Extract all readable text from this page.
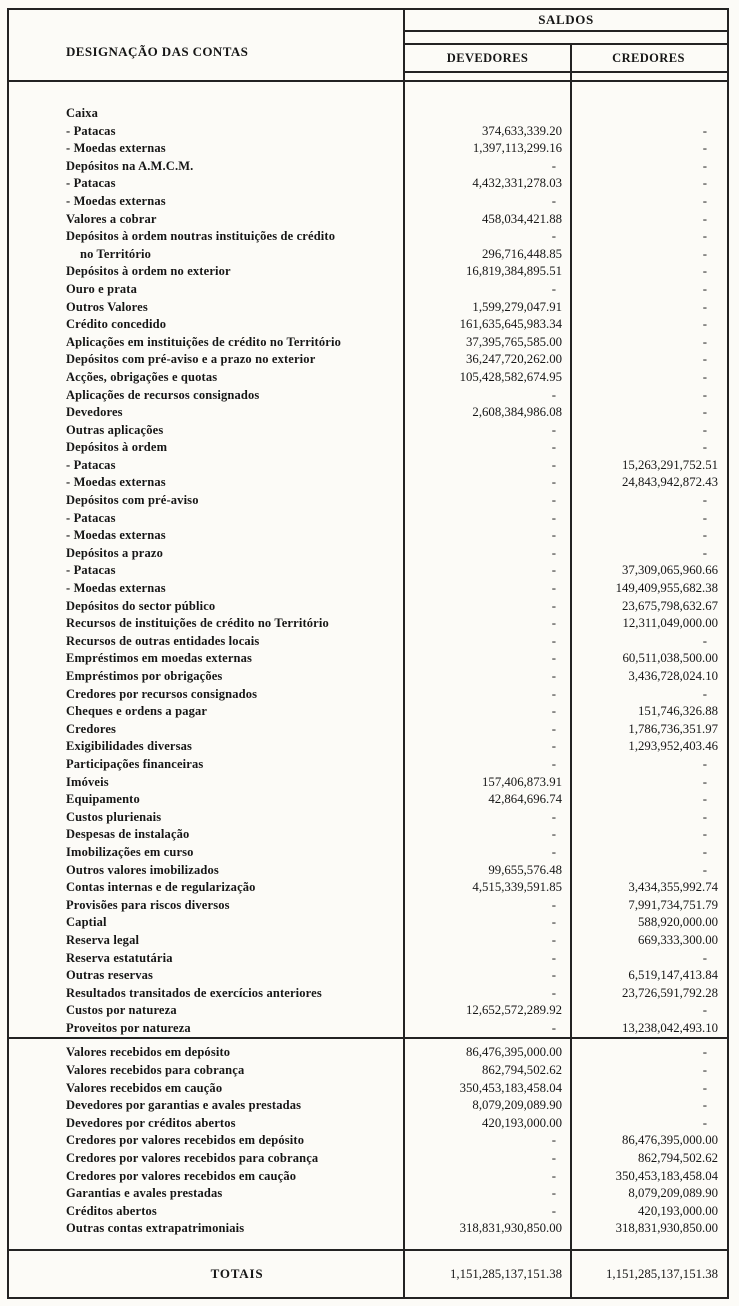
DESIGNAÇÃO DAS CONTAS
SALDOS
DEVEDORES	CREDORES
Caixa
- Patacas	374,633,339.20	-
- Moedas externas	1,397,113,299.16	-
Depósitos na A.M.C.M.	-	-
- Patacas	4,432,331,278.03	-
- Moedas externas	-	-
Valores a cobrar	458,034,421.88	-
Depósitos à ordem noutras instituições de crédito	-	-
no Território	296,716,448.85	-
Depósitos à ordem no exterior	16,819,384,895.51	-
Ouro e prata	-	-
Outros Valores	1,599,279,047.91	-
Crédito concedido	161,635,645,983.34	-
Aplicações em instituições de crédito no Território	37,395,765,585.00	-
Depósitos com pré-aviso e a prazo no exterior	36,247,720,262.00	-
Acções, obrigações e quotas	105,428,582,674.95	-
Aplicações de recursos consignados	-	-
Devedores	2,608,384,986.08	-
Outras aplicações	-	-
Depósitos à ordem	-	-
- Patacas	-	15,263,291,752.51
- Moedas externas	-	24,843,942,872.43
Depósitos com pré-aviso	-	-
- Patacas	-	-
- Moedas externas	-	-
Depósitos a prazo	-	-
- Patacas	-	37,309,065,960.66
- Moedas externas	-	149,409,955,682.38
Depósitos do sector público	-	23,675,798,632.67
Recursos de instituições de crédito no Território	-	12,311,049,000.00
Recursos de outras entidades locais	-	-
Empréstimos em moedas externas	-	60,511,038,500.00
Empréstimos por obrigações	-	3,436,728,024.10
Credores por recursos consignados	-	-
Cheques e ordens a pagar	-	151,746,326.88
Credores	-	1,786,736,351.97
Exigibilidades diversas	-	1,293,952,403.46
Participações financeiras	-	-
Imóveis	157,406,873.91	-
Equipamento	42,864,696.74	-
Custos plurienais	-	-
Despesas de instalação	-	-
Imobilizações em curso	-	-
Outros valores imobilizados	99,655,576.48	-
Contas internas e de regularização	4,515,339,591.85	3,434,355,992.74
Provisões para riscos diversos	-	7,991,734,751.79
Captial	-	588,920,000.00
Reserva legal	-	669,333,300.00
Reserva estatutária	-	-
Outras reservas	-	6,519,147,413.84
Resultados transitados de exercícios anteriores	-	23,726,591,792.28
Custos por natureza	12,652,572,289.92	-
Proveitos por natureza	-	13,238,042,493.10
Valores recebidos em depósito	86,476,395,000.00	-
Valores recebidos para cobrança	862,794,502.62	-
Valores recebidos em caução	350,453,183,458.04	-
Devedores por garantias e avales prestadas	8,079,209,089.90	-
Devedores por créditos abertos	420,193,000.00	-
Credores por valores recebidos em depósito	-	86,476,395,000.00
Credores por valores recebidos para cobrança	-	862,794,502.62
Credores por valores recebidos em caução	-	350,453,183,458.04
Garantias e avales prestadas	-	8,079,209,089.90
Créditos abertos	-	420,193,000.00
Outras contas extrapatrimoniais	318,831,930,850.00	318,831,930,850.00
TOTAIS	1,151,285,137,151.38	1,151,285,137,151.38
